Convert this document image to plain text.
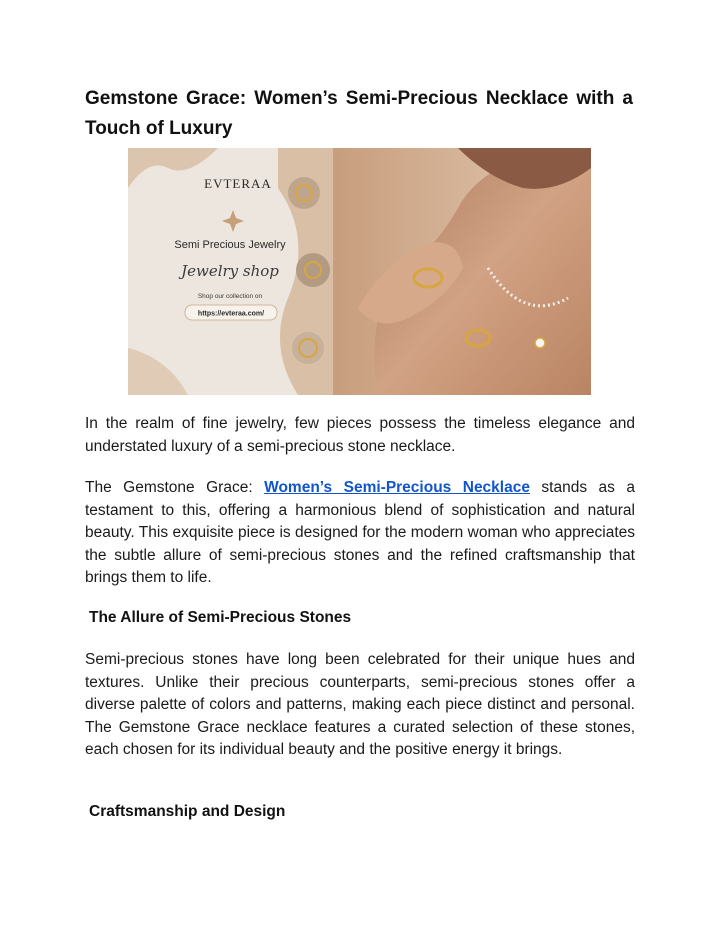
Gemstone Grace: Women’s Semi-Precious Necklace with a Touch of Luxury
EVTERAA
Semi Precious Jewelry
Jewelry shop
Shop our collection on
https://evteraa.com/

In the realm of fine jewelry, few pieces possess the timeless elegance and understated luxury of a semi-precious stone necklace.

The Gemstone Grace: Women’s Semi-Precious Necklace stands as a testament to this, offering a harmonious blend of sophistication and natural beauty. This exquisite piece is designed for the modern woman who appreciates the subtle allure of semi-precious stones and the refined craftsmanship that brings them to life.

The Allure of Semi-Precious Stones

Semi-precious stones have long been celebrated for their unique hues and textures. Unlike their precious counterparts, semi-precious stones offer a diverse palette of colors and patterns, making each piece distinct and personal. The Gemstone Grace necklace features a curated selection of these stones, each chosen for its individual beauty and the positive energy it brings.

Craftsmanship and Design
